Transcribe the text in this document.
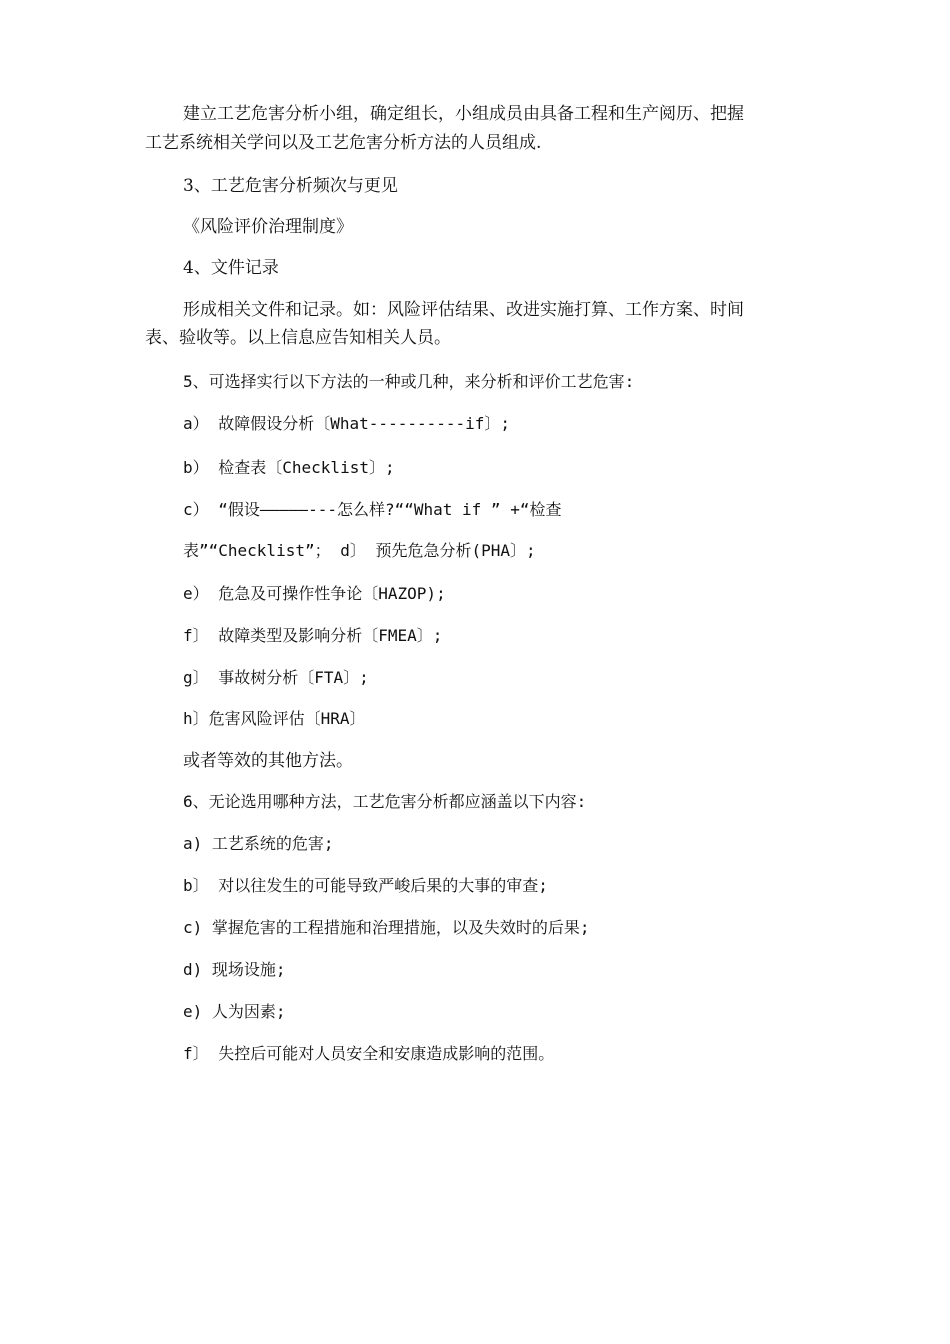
建立工艺危害分析小组，确定组长，小组成员由具备工程和生产阅历、把握

工艺系统相关学问以及工艺危害分析方法的人员组成.

3、工艺危害分析频次与更见

《风险评价治理制度》

4、文件记录

形成相关文件和记录。如：风险评估结果、改进实施打算、工作方案、时间

表、验收等。以上信息应告知相关人员。

5、可选择实行以下方法的一种或几种，来分析和评价工艺危害:

a） 故障假设分析〔What----------if〕;

b） 检查表〔Checklist〕;

c） “假设—————---怎么样?““What if ” +“检查

表”“Checklist”； d〕 预先危急分析(PHA〕;

e） 危急及可操作性争论〔HAZOP);

f〕 故障类型及影响分析〔FMEA〕;

g〕 事故树分析〔FTA〕;

h〕危害风险评估〔HRA〕

或者等效的其他方法。

6、无论选用哪种方法，工艺危害分析都应涵盖以下内容:

a) 工艺系统的危害;

b〕 对以往发生的可能导致严峻后果的大事的审查;

c) 掌握危害的工程措施和治理措施，以及失效时的后果;

d) 现场设施;

e) 人为因素;

f〕 失控后可能对人员安全和安康造成影响的范围。
